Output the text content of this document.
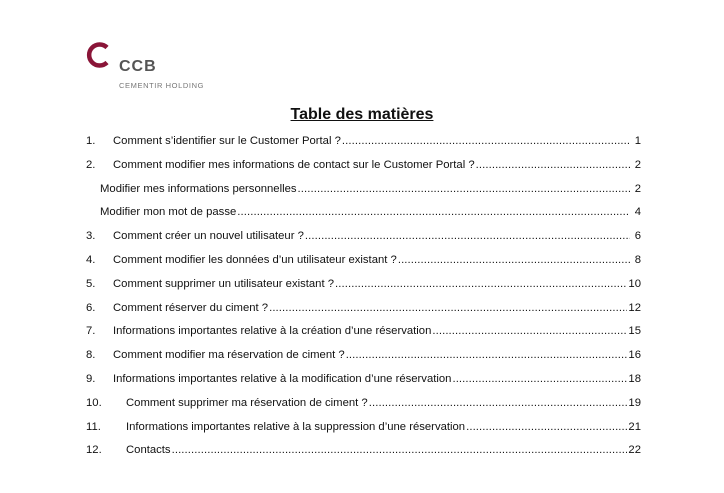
CCB
CEMENTIR HOLDING
Table des matières
1.	Comment s’identifier sur le Customer Portal ? .....	1
2.	Comment modifier mes informations de contact sur le Customer Portal ? .....	2
Modifier mes informations personnelles .....	2
Modifier mon mot de passe .....	4
3.	Comment créer un nouvel utilisateur ? .....	6
4.	Comment modifier les données d’un utilisateur existant ? .....	8
5.	Comment supprimer un utilisateur existant ? .....	10
6.	Comment réserver du ciment ? .....	12
7.	Informations importantes relative à la création d’une réservation .....	15
8.	Comment modifier ma réservation de ciment ? .....	16
9.	Informations importantes relative à la modification d’une réservation .....	18
10.	Comment supprimer ma réservation de ciment ? .....	19
11.	Informations importantes relative à la suppression d’une réservation .....	21
12.	Contacts .....	22
